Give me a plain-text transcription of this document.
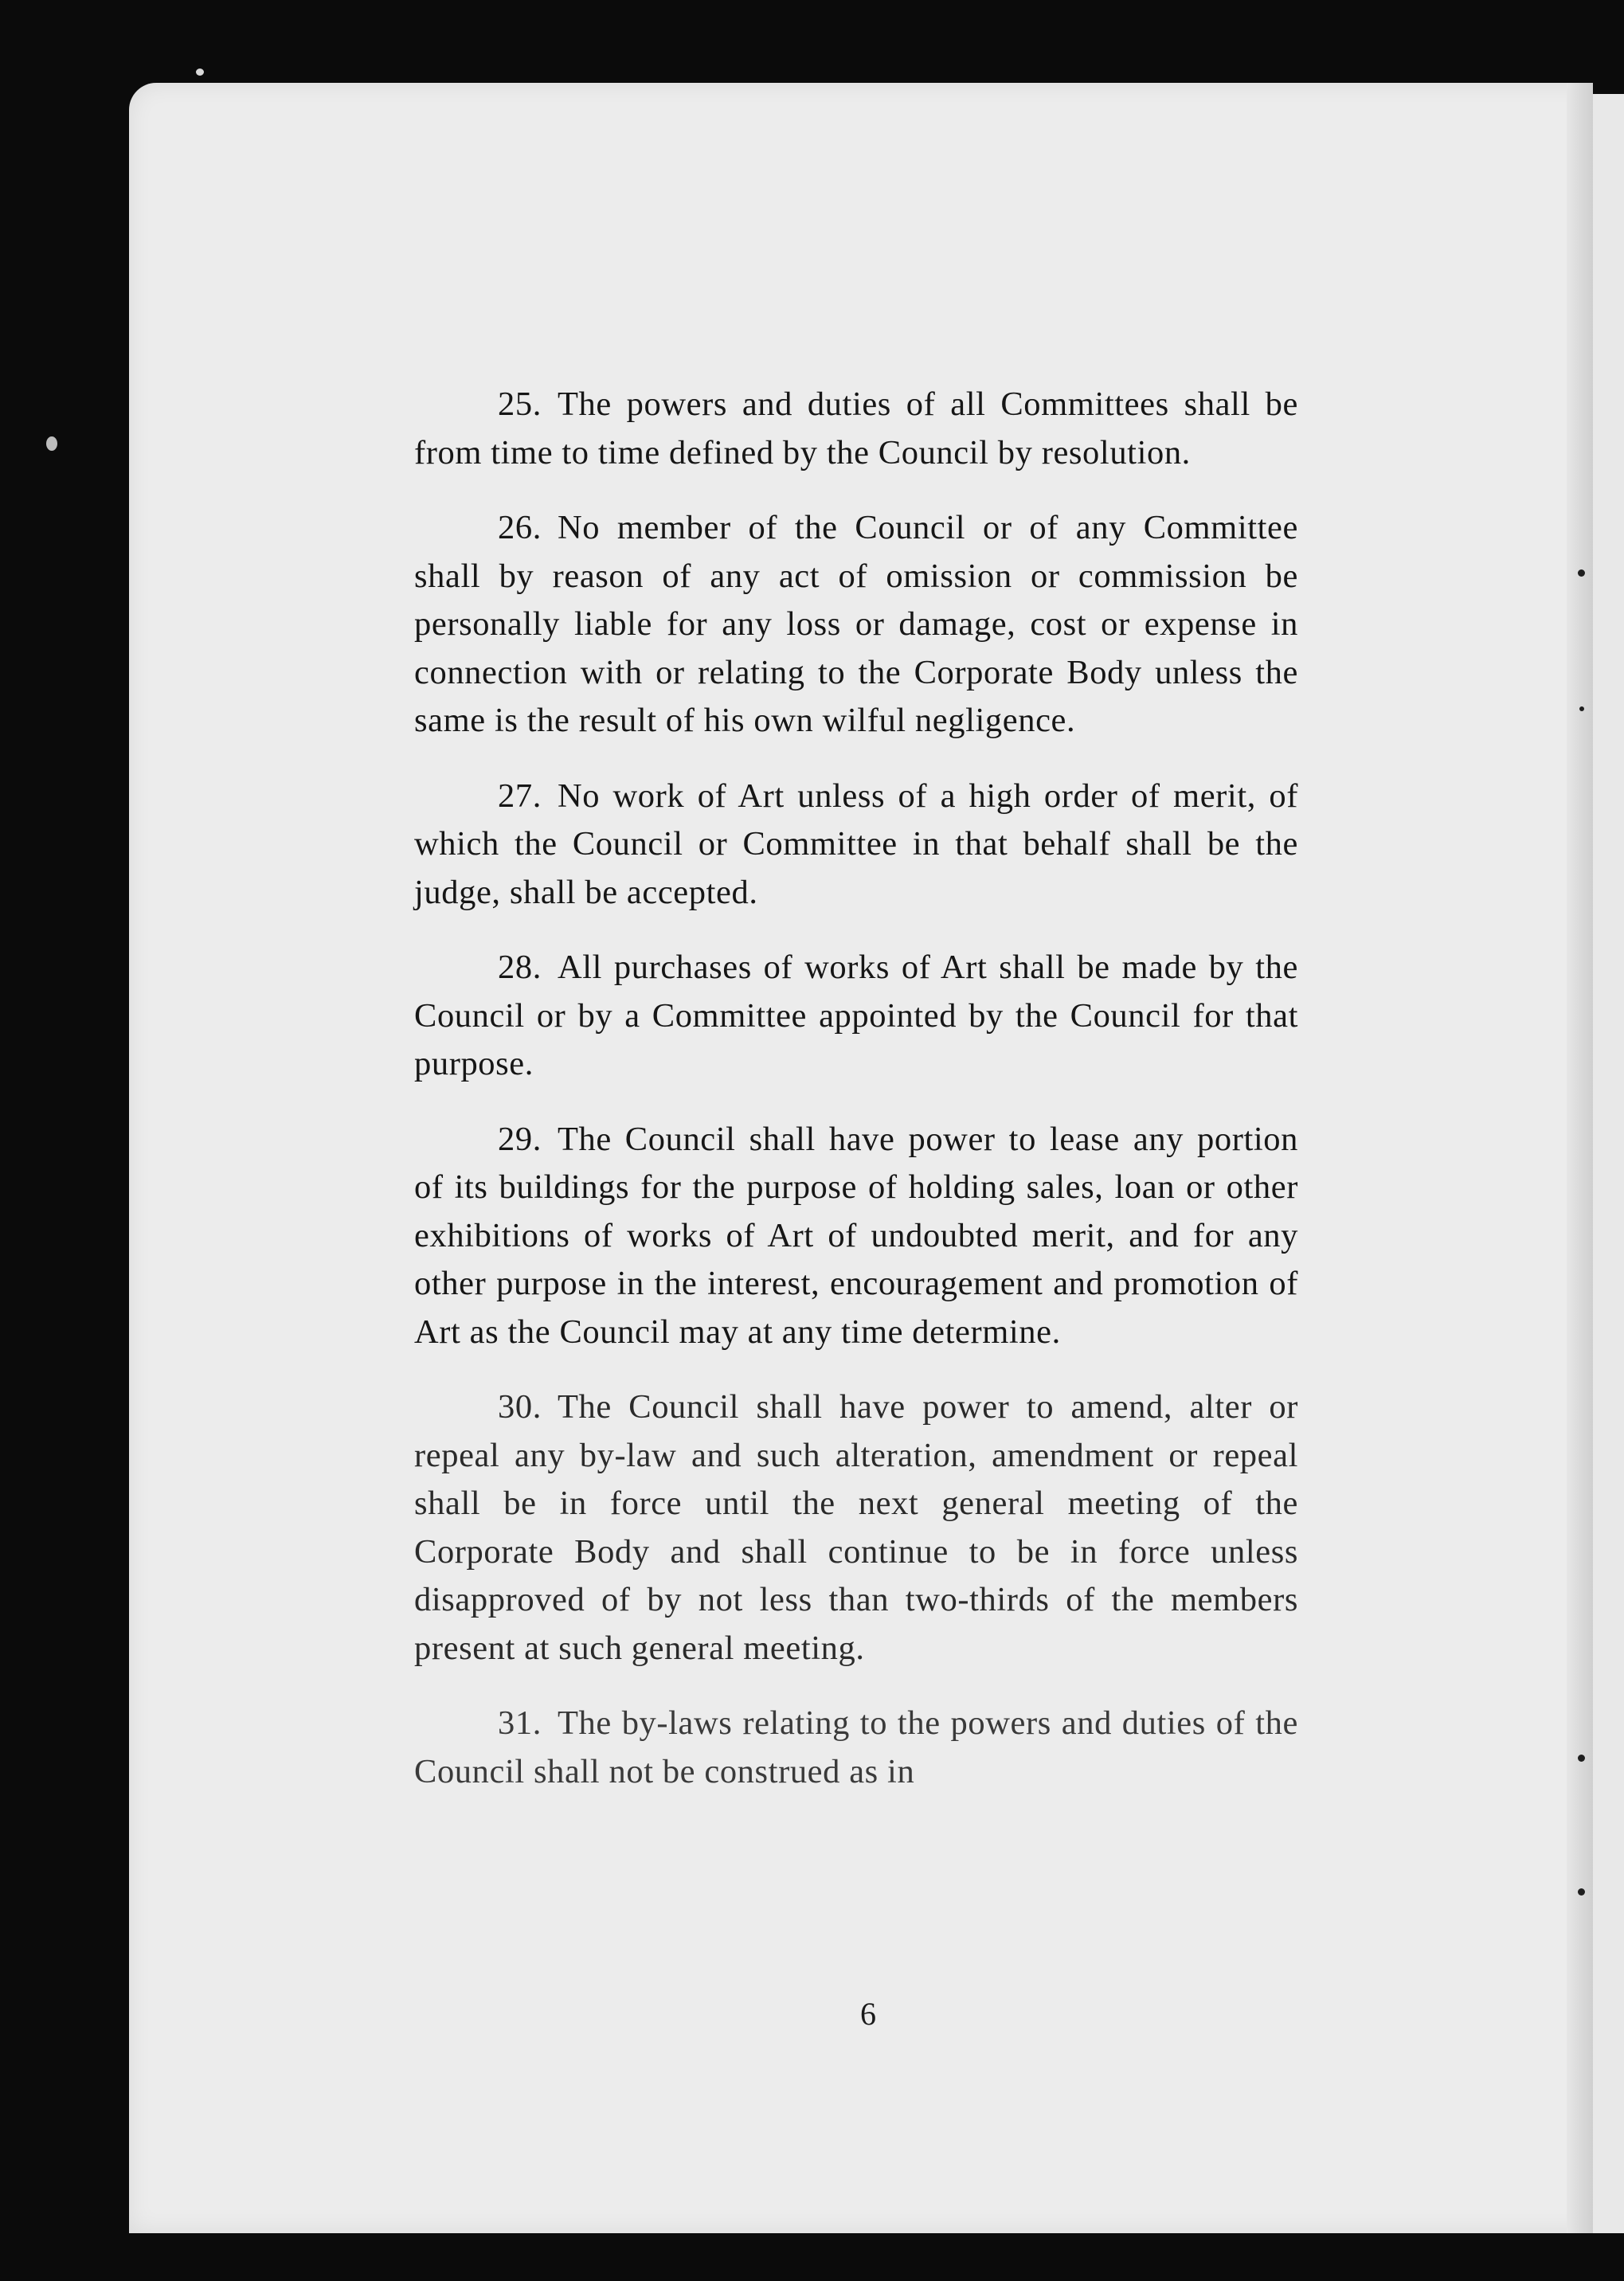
25. The powers and duties of all Committees shall be from time to time defined by the Council by resolution.

26. No member of the Council or of any Committee shall by reason of any act of omission or commission be personally liable for any loss or damage, cost or expense in connection with or relating to the Corporate Body unless the same is the result of his own wilful negligence.

27. No work of Art unless of a high order of merit, of which the Council or Committee in that behalf shall be the judge, shall be accepted.

28. All purchases of works of Art shall be made by the Council or by a Committee appointed by the Council for that purpose.

29. The Council shall have power to lease any portion of its buildings for the purpose of holding sales, loan or other exhibitions of works of Art of undoubted merit, and for any other purpose in the interest, encouragement and promotion of Art as the Council may at any time determine.

30. The Council shall have power to amend, alter or repeal any by-law and such alteration, amendment or repeal shall be in force until the next general meeting of the Corporate Body and shall continue to be in force unless disapproved of by not less than two-thirds of the members present at such general meeting.

31. The by-laws relating to the powers and duties of the Council shall not be construed as in

6
